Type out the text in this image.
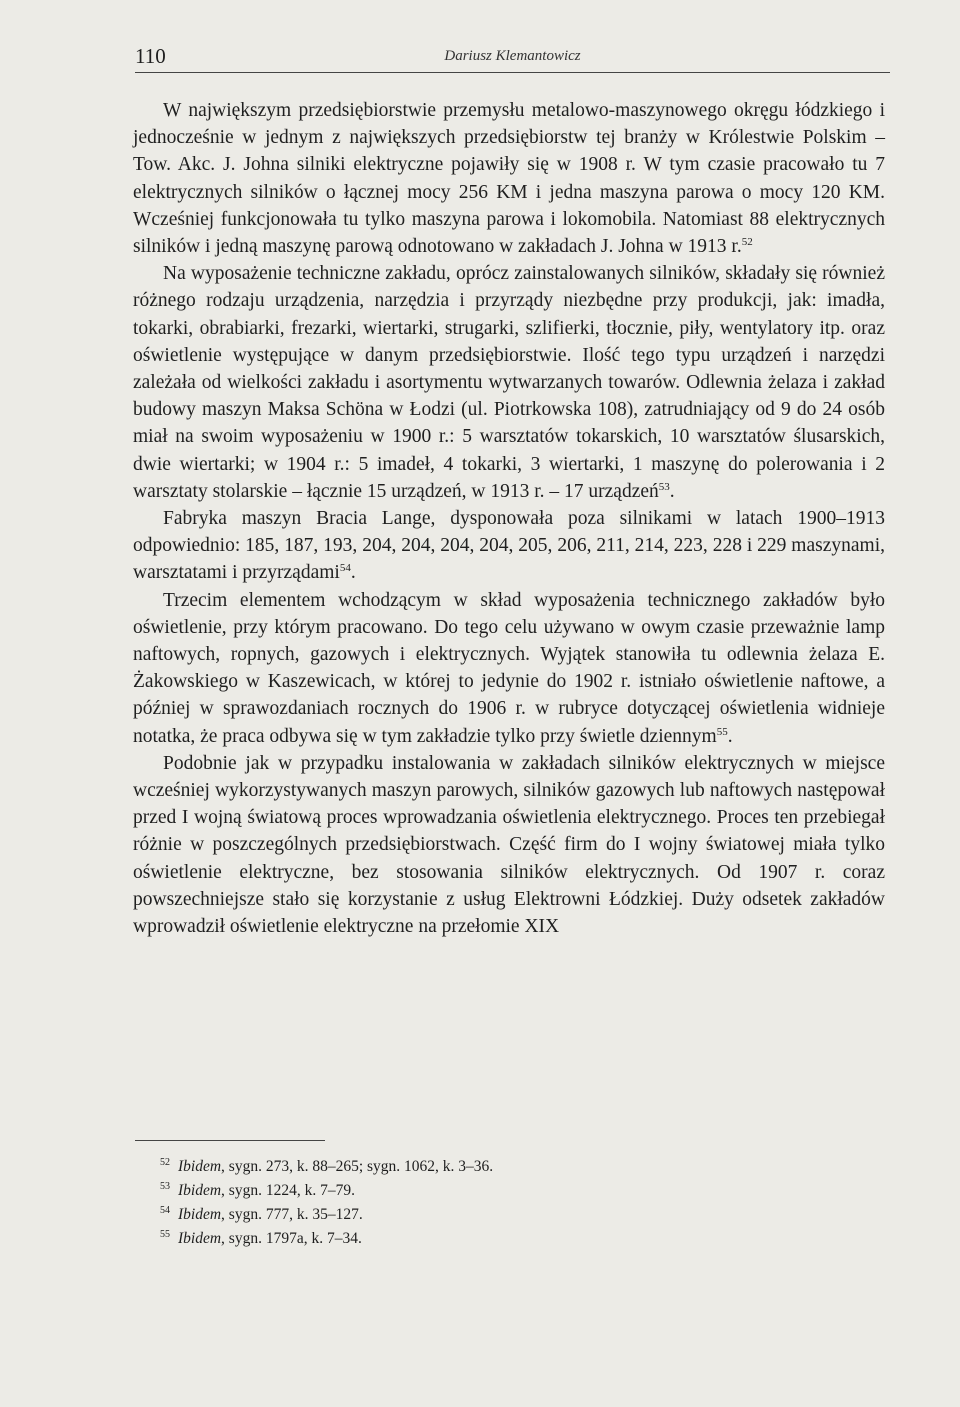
110	Dariusz Klemantowicz

W największym przedsiębiorstwie przemysłu metalowo-maszynowego okręgu łódzkiego i jednocześnie w jednym z największych przedsiębiorstw tej branży w Królestwie Polskim – Tow. Akc. J. Johna silniki elektryczne pojawiły się w 1908 r. W tym czasie pracowało tu 7 elektrycznych silników o łącznej mocy 256 KM i jedna maszyna parowa o mocy 120 KM. Wcześniej funkcjonowała tu tylko maszyna parowa i lokomobila. Natomiast 88 elektrycznych silników i jedną maszynę parową odnotowano w zakładach J. Johna w 1913 r.$^{52}$

Na wyposażenie techniczne zakładu, oprócz zainstalowanych silników, składały się również różnego rodzaju urządzenia, narzędzia i przyrządy niezbędne przy produkcji, jak: imadła, tokarki, obrabiarki, frezarki, wiertarki, strugarki, szlifierki, tłocznie, piły, wentylatory itp. oraz oświetlenie występujące w danym przedsiębiorstwie. Ilość tego typu urządzeń i narzędzi zależała od wielkości zakładu i asortymentu wytwarzanych towarów. Odlewnia żelaza i zakład budowy maszyn Maksa Schöna w Łodzi (ul. Piotrkowska 108), zatrudniający od 9 do 24 osób miał na swoim wyposażeniu w 1900 r.: 5 warsztatów tokarskich, 10 warsztatów ślusarskich, dwie wiertarki; w 1904 r.: 5 imadeł, 4 tokarki, 3 wiertarki, 1 maszynę do polerowania i 2 warsztaty stolarskie – łącznie 15 urządzeń, w 1913 r. – 17 urządzeń$^{53}$.

Fabryka maszyn Bracia Lange, dysponowała poza silnikami w latach 1900–1913 odpowiednio: 185, 187, 193, 204, 204, 204, 204, 205, 206, 211, 214, 223, 228 i 229 maszynami, warsztatami i przyrządami$^{54}$.

Trzecim elementem wchodzącym w skład wyposażenia technicznego zakładów było oświetlenie, przy którym pracowano. Do tego celu używano w owym czasie przeważnie lamp naftowych, ropnych, gazowych i elektrycznych. Wyjątek stanowiła tu odlewnia żelaza E. Żakowskiego w Kaszewicach, w której to jedynie do 1902 r. istniało oświetlenie naftowe, a później w sprawozdaniach rocznych do 1906 r. w rubryce dotyczącej oświetlenia widnieje notatka, że praca odbywa się w tym zakładzie tylko przy świetle dziennym$^{55}$.

Podobnie jak w przypadku instalowania w zakładach silników elektrycznych w miejsce wcześniej wykorzystywanych maszyn parowych, silników gazowych lub naftowych następował przed I wojną światową proces wprowadzania oświetlenia elektrycznego. Proces ten przebiegał różnie w poszczególnych przedsiębiorstwach. Część firm do I wojny światowej miała tylko oświetlenie elektryczne, bez stosowania silników elektrycznych. Od 1907 r. coraz powszechniejsze stało się korzystanie z usług Elektrowni Łódzkiej. Duży odsetek zakładów wprowadził oświetlenie elektryczne na przełomie XIX

52 Ibidem, sygn. 273, k. 88–265; sygn. 1062, k. 3–36.

53 Ibidem, sygn. 1224, k. 7–79.

54 Ibidem, sygn. 777, k. 35–127.

55 Ibidem, sygn. 1797a, k. 7–34.
